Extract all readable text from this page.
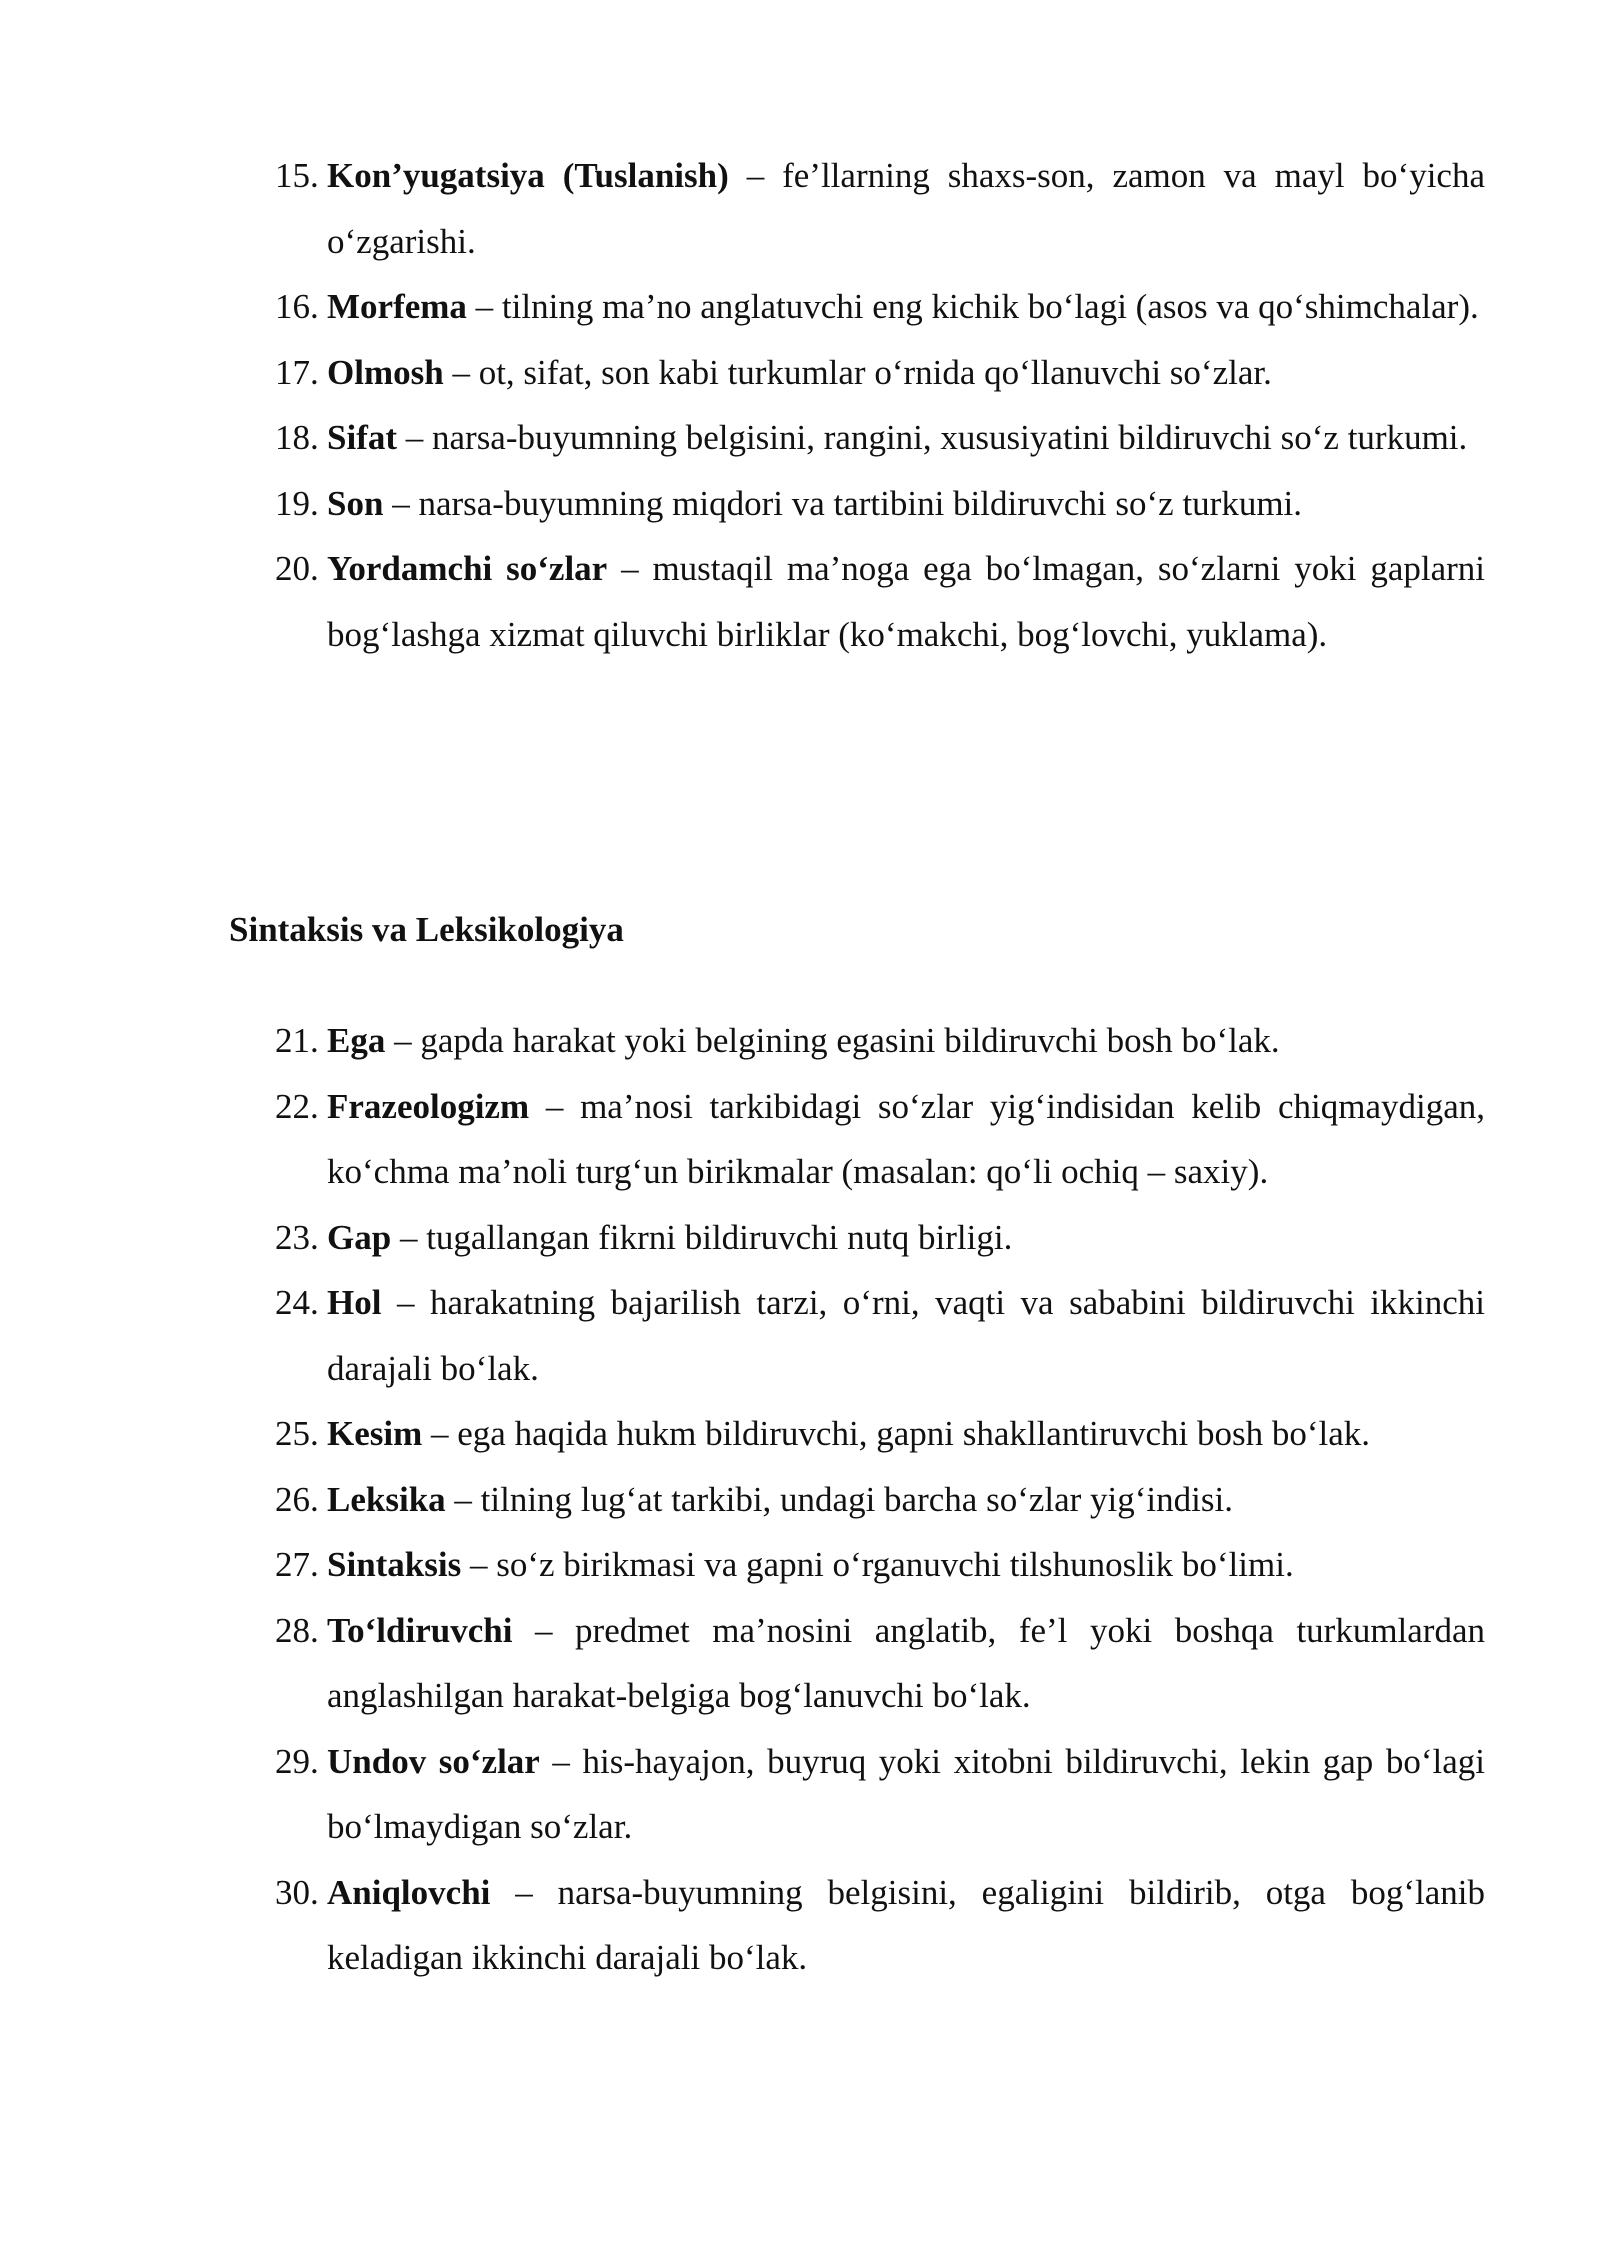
15. Kon’yugatsiya (Tuslanish) – fe’llarning shaxs-son, zamon va mayl bo‘yicha o‘zgarishi.
16. Morfema – tilning ma’no anglatuvchi eng kichik bo‘lagi (asos va qo‘shimchalar).
17. Olmosh – ot, sifat, son kabi turkumlar o‘rnida qo‘llanuvchi so‘zlar.
18. Sifat – narsa-buyumning belgisini, rangini, xususiyatini bildiruvchi so‘z turkumi.
19. Son – narsa-buyumning miqdori va tartibini bildiruvchi so‘z turkumi.
20. Yordamchi so‘zlar – mustaqil ma’noga ega bo‘lmagan, so‘zlarni yoki gaplarni bog‘lashga xizmat qiluvchi birliklar (ko‘makchi, bog‘lovchi, yuklama).
Sintaksis va Leksikologiya
21. Ega – gapda harakat yoki belgining egasini bildiruvchi bosh bo‘lak.
22. Frazeologizm – ma’nosi tarkibidagi so‘zlar yig‘indisidan kelib chiqmaydigan, ko‘chma ma’noli turg‘un birikmalar (masalan: qo‘li ochiq – saxiy).
23. Gap – tugallangan fikrni bildiruvchi nutq birligi.
24. Hol – harakatning bajarilish tarzi, o‘rni, vaqti va sababini bildiruvchi ikkinchi darajali bo‘lak.
25. Kesim – ega haqida hukm bildiruvchi, gapni shakllantiruvchi bosh bo‘lak.
26. Leksika – tilning lug‘at tarkibi, undagi barcha so‘zlar yig‘indisi.
27. Sintaksis – so‘z birikmasi va gapni o‘rganuvchi tilshunoslik bo‘limi.
28. To‘ldiruvchi – predmet ma’nosini anglatib, fe’l yoki boshqa turkumlardan anglashilgan harakat-belgiga bog‘lanuvchi bo‘lak.
29. Undov so‘zlar – his-hayajon, buyruq yoki xitobni bildiruvchi, lekin gap bo‘lagi bo‘lmaydigan so‘zlar.
30. Aniqlovchi – narsa-buyumning belgisini, egaligini bildirib, otga bog‘lanib keladigan ikkinchi darajali bo‘lak.
